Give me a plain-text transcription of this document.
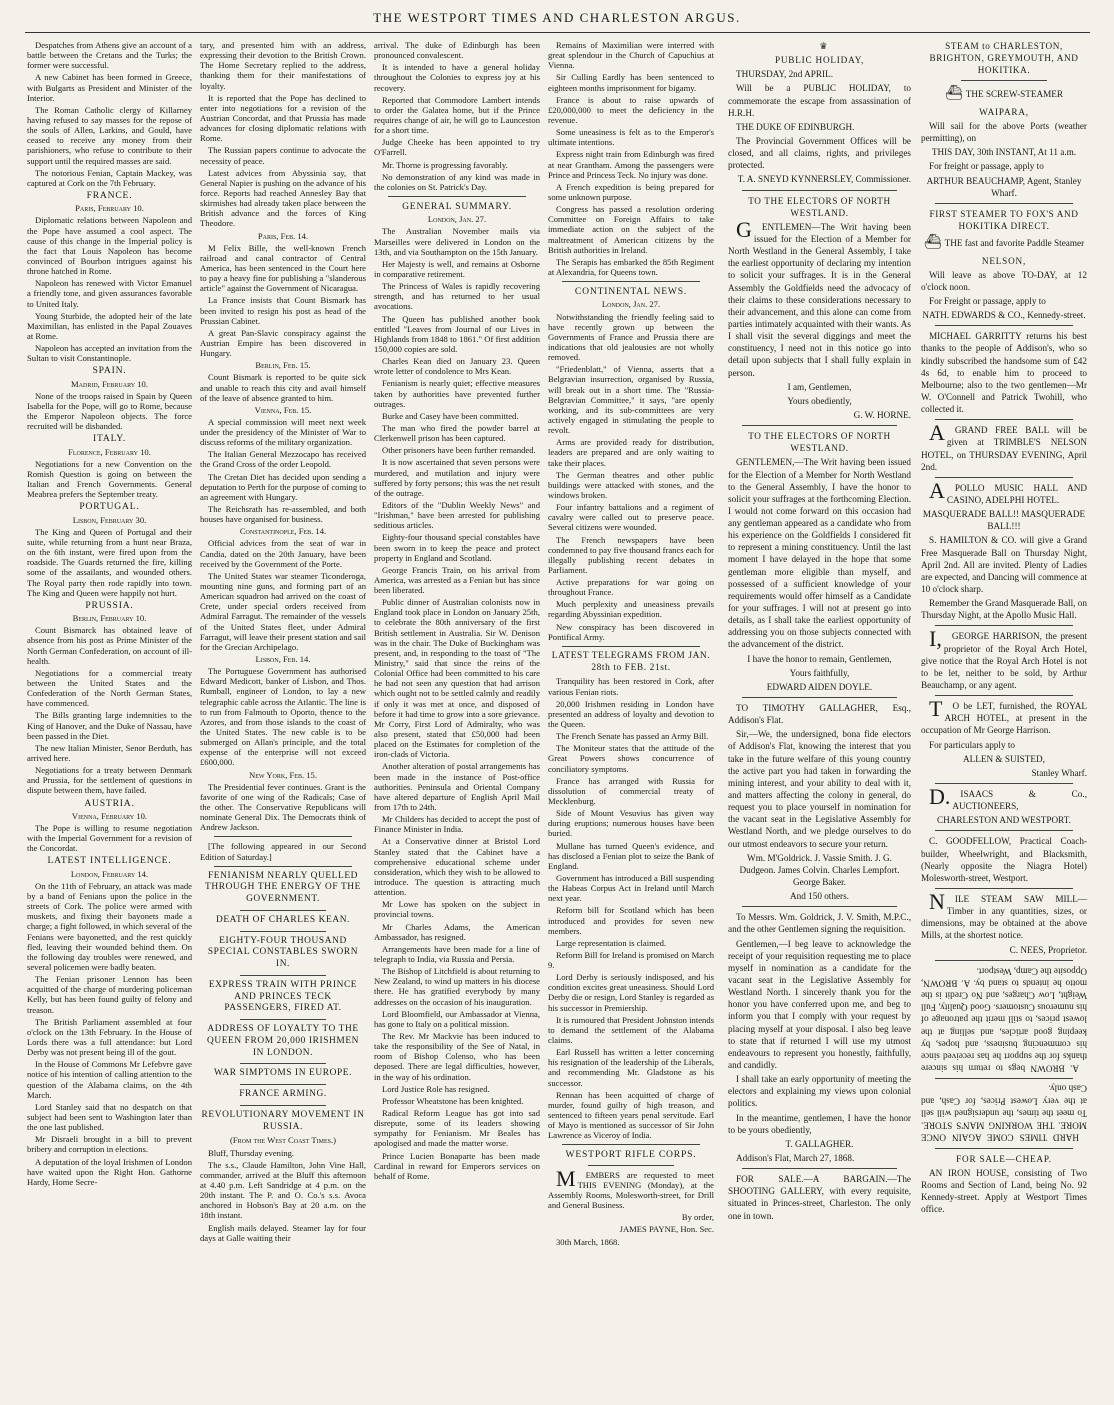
THE WESTPORT TIMES AND CHARLESTON ARGUS.

Despatches from Athens give an account of a battle between the Cretans and the Turks; the former were successful.

A new Cabinet has been formed in Greece, with Bulgarts as President and Minister of the Interior.

The Roman Catholic clergy of Killarney having refused to say masses for the repose of the souls of Allen, Larkins, and Gould, have ceased to receive any money from their parishioners, who refuse to contribute to their support until the required masses are said.

The notorious Fenian, Captain Mackey, was captured at Cork on the 7th February.

FRANCE.

Paris, February 10.

Diplomatic relations between Napoleon and the Pope have assumed a cool aspect. The cause of this change in the Imperial policy is the fact that Louis Napoleon has become convinced of Bourbon intrigues against his throne hatched in Rome.

Napoleon has renewed with Victor Emanuel a friendly tone, and given assurances favorable to United Italy.

Young Sturbide, the adopted heir of the late Maximilian, has enlisted in the Papal Zouaves at Rome.

Napoleon has accepted an invitation from the Sultan to visit Constantinople.

SPAIN.

Madrid, February 10.

None of the troops raised in Spain by Queen Isabella for the Pope, will go to Rome, because the Emperor Napoleon objects. The force recruited will be disbanded.

ITALY.

Florence, February 10.

Negotiations for a new Convention on the Romish Question is going on between the Italian and French Governments. General Meabrea prefers the September treaty.

PORTUGAL.

Lisbon, February 30.

The King and Queen of Portugal and their suite, while returning from a hunt near Braza, on the 6th instant, were fired upon from the roadside. The Guards returned the fire, killing some of the assailants, and wounded others. The Royal party then rode rapidly into town. The King and Queen were happily not hurt.

PRUSSIA.

Berlin, February 10.

Count Bismarck has obtained leave of absence from his post as Prime Minister of the North German Confederation, on account of ill-health.

Negotiations for a commercial treaty between the United States and the Confederation of the North German States, have commenced.

The Bills granting large indemnities to the King of Hanover, and the Duke of Nassau, have been passed in the Diet.

The new Italian Minister, Senor Berduth, has arrived here.

Negotiations for a treaty between Denmark and Prussia, for the settlement of questions in dispute between them, have failed.

AUSTRIA.

Vienna, February 10.

The Pope is willing to resume negotiation with the Imperial Government for a revision of the Concordat.

LATEST INTELLIGENCE.

London, February 14.

On the 11th of February, an attack was made by a band of Fenians upon the police in the streets of Cork. The police were armed with muskets, and fixing their bayonets made a charge; a fight followed, in which several of the Fenians were bayonetted, and the rest quickly fled, leaving their wounded behind them. On the following day troubles were renewed, and several policemen were badly beaten.

The Fenian prisoner Lennon has been acquitted of the charge of murdering policeman Kelly, but has been found guilty of felony and treason.

The British Parliament assembled at four o'clock on the 13th February. In the House of Lords there was a full attendance: but Lord Derby was not present being ill of the gout.

In the House of Commons Mr Lefebvre gave notice of his intention of calling attention to the question of the Alabama claims, on the 4th March.

Lord Stanley said that no despatch on that subject had been sent to Washington later than the one last published.

Mr Disraeli brought in a bill to prevent bribery and corruption in elections.

A deputation of the loyal Irishmen of London have waited upon the Right Hon. Gathorne Hardy, Home Secre-

tary, and presented him with an address, expressing their devotion to the British Crown. The Home Secretary replied to the address, thanking them for their manifestations of loyalty.

It is reported that the Pope has declined to enter into negotiations for a revision of the Austrian Concordat, and that Prussia has made advances for closing diplomatic relations with Rome.

The Russian papers continue to advocate the necessity of peace.

Latest advices from Abyssinia say, that General Napier is pushing on the advance of his force. Reports had reached Annesley Bay that skirmishes had already taken place between the British advance and the forces of King Theodore.

Paris, Feb. 14.

M Felix Bille, the well-known French railroad and canal contractor of Central America, has been sentenced in the Court here to pay a heavy fine for publishing a "slanderous article" against the Government of Nicaragua.

La France insists that Count Bismark has been invited to resign his post as head of the Prussian Cabinet.

A great Pan-Slavic conspiracy against the Austrian Empire has been discovered in Hungary.

Berlin, Feb. 15.

Count Bismark is reported to be quite sick and unable to reach this city and avail himself of the leave of absence granted to him.

Vienna, Feb. 15.

A special commission will meet next week under the presidency of the Minister of War to discuss reforms of the military organization.

The Italian General Mezzocapo has received the Grand Cross of the order Leopold.

The Cretan Diet has decided upon sending a deputation to Perth for the purpose of coming to an agreement with Hungary.

The Reichsrath has re-assembled, and both houses have organised for business.

Constantinople, Feb. 14.

Official advices from the seat of war in Candia, dated on the 20th January, have been received by the Government of the Porte.

The United States war steamer Ticonderoga, mounting nine guns, and forming part of an American squadron had arrived on the coast of Crete, under special orders received from Admiral Farragut. The remainder of the vessels of the United States fleet, under Admiral Farragut, will leave their present station and sail for the Grecian Archipelago.

Lisbon, Feb. 14.

The Portuguese Government has authorised Edward Medicott, banker of Lisbon, and Thos. Rumball, engineer of London, to lay a new telegraphic cable across the Atlantic. The line is to run from Falmouth to Oporto, thence to the Azores, and from those islands to the coast of the United States. The new cable is to be submerged on Allan's principle, and the total expense of the enterprise will not exceed £600,000.

New York, Feb. 15.

The Presidential fever continues. Grant is the favorite of one wing of the Radicals; Case of the other. The Conservative Republicans will nominate General Dix. The Democrats think of Andrew Jackson.

[The following appeared in our Second Edition of Saturday.]

FENIANISM NEARLY QUELLED THROUGH THE ENERGY OF THE GOVERNMENT.

DEATH OF CHARLES KEAN.

EIGHTY-FOUR THOUSAND SPECIAL CONSTABLES SWORN IN.

EXPRESS TRAIN WITH PRINCE AND PRINCES TECK PASSENGERS, FIRED AT.

ADDRESS OF LOYALTY TO THE QUEEN FROM 20,000 IRISHMEN IN LONDON.

WAR SIMPTOMS IN EUROPE.

FRANCE ARMING.

REVOLUTIONARY MOVEMENT IN RUSSIA.

(From the West Coast Times.)

Bluff, Thursday evening.

The s.s., Claude Hamilton, John Vine Hall, commander, arrived at the Bluff this afternoon at 4.40 p.m. Left Sandridge at 4 p.m. on the 20th instant. The P. and O. Co.'s s.s. Avoca anchored in Hobson's Bay at 20 a.m. on the 18th instant.

English mails delayed. Steamer lay for four days at Galle waiting their

arrival. The duke of Edinburgh has been pronounced convalescent.

It is intended to have a general holiday throughout the Colonies to express joy at his recovery.

Reported that Commodore Lambert intends to order the Galatea home, but if the Prince requires change of air, he will go to Launceston for a short time.

Judge Cheeke has been appointed to try O'Farrell.

Mr. Thorne is progressing favorably.

No demonstration of any kind was made in the colonies on St. Patrick's Day.

GENERAL SUMMARY.

London, Jan. 27.

The Australian November mails via Marseilles were delivered in London on the 13th, and via Southampton on the 15th January.

Her Majesty is well, and remains at Osborne in comparative retirement.

The Princess of Wales is rapidly recovering strength, and has returned to her usual avocations.

The Queen has published another book entitled "Leaves from Journal of our Lives in Highlands from 1848 to 1861." Of first addition 150,000 copies are sold.

Charles Kean died on January 23. Queen wrote letter of condolence to Mrs Kean.

Fenianism is nearly quiet; effective measures taken by authorities have prevented further outrages.

Burke and Casey have been committed.

The man who fired the powder barrel at Clerkenwell prison has been captured.

Other prisoners have been further remanded.

It is now ascertained that seven persons were murdered, and mutilation and injury were suffered by forty persons; this was the net result of the outrage.

Editors of the "Dublin Weekly News" and "Irishman," have been arrested for publishing seditious articles.

Eighty-four thousand special constables have been sworn in to keep the peace and protect property in England and Scotland.

George Francis Train, on his arrival from America, was arrested as a Fenian but has since been liberated.

Public dinner of Australian colonists now in England took place in London on January 25th, to celebrate the 80th anniversary of the first British settlement in Australia. Sir W. Denison was in the chair. The Duke of Buckingham was present, and, in responding to the toast of "The Ministry," said that since the reins of the Colonial Office had been committed to his care he had not seen any question that had arrison which ought not to be settled calmly and readily if only it was met at once, and disposed of before it had time to grow into a sore grievance. Mr Corry, First Lord of Admiralty, who was also present, stated that £50,000 had been placed on the Estimates for completion of the iron-clads of Victoria.

Another alteration of postal arrangements has been made in the instance of Post-office authorities. Peninsula and Oriental Company have altered departure of English April Mail from 17th to 24th.

Mr Childers has decided to accept the post of Finance Minister in India.

At a Conservative dinner at Bristol Lord Stanley stated that the Cabinet have a comprehensive educational scheme under consideration, which they wish to be allowed to introduce. The question is attracting much attention.

Mr Lowe has spoken on the subject in provincial towns.

Mr Charles Adams, the American Ambassador, has resigned.

Arrangements have been made for a line of telegraph to India, via Russia and Persia.

The Bishop of Litchfield is about returning to New Zealand, to wind up matters in his diocese there. He has gratified everybody by many addresses on the occasion of his inauguration.

Lord Bloomfield, our Ambassador at Vienna, has gone to Italy on a political mission.

The Rev. Mr Mackvie has been induced to take the responsibility of the See of Natal, in room of Bishop Colenso, who has been deposed. There are legal difficulties, however, in the way of his ordination.

Lord Justice Role has resigned.

Professor Wheatstone has been knighted.

Radical Reform League has got into sad disrepute, some of its leaders showing sympathy for Fenianism. Mr Beales has apologised and made the matter worse.

Prince Lucien Bonaparte has been made Cardinal in reward for Emperors services on behalf of Rome.

Remains of Maximilian were interred with great splendour in the Church of Capuchius at Vienna.

Sir Culling Eardly has been sentenced to eighteen months imprisonment for bigamy.

France is about to raise upwards of £20,000,000 to meet the deficiency in the revenue.

Some uneasiness is felt as to the Emperor's ultimate intentions.

Express night train from Edinburgh was fired at near Grantham. Among the passengers were Prince and Princess Teck. No injury was done.

A French expedition is being prepared for some unknown purpose.

Congress has passed a resolution ordering Committee on Foreign Affairs to take immediate action on the subject of the maltreatment of American citizens by the British authorities in Ireland.

The Serapis has embarked the 85th Regiment at Alexandria, for Queens town.

CONTINENTAL NEWS.

London, Jan. 27.

Notwithstanding the friendly feeling said to have recently grown up between the Governments of France and Prussia there are indications that old jealousies are not wholly removed.

"Friedenblatt," of Vienna, asserts that a Belgravian insurrection, organised by Russia, will break out in a short time. The "Russia-Belgravian Committee," it says, "are openly working, and its sub-committees are very actively engaged in stimulating the people to revolt.

Arms are provided ready for distribution, leaders are prepared and are only waiting to take their places.

The German theatres and other public buildings were attacked with stones, and the windows broken.

Four infantry battalions and a regiment of cavalry were called out to preserve peace. Several citizens were wounded.

The French newspapers have been condemned to pay five thousand francs each for illegally publishing recent debates in Parliament.

Active preparations for war going on throughout France.

Much perplexity and uneasiness prevails regarding Abyssinian expedition.

New conspiracy has been discovered in Pontifical Army.

LATEST TELEGRAMS FROM JAN. 28th to FEB. 21st.

Tranquility has been restored in Cork, after various Fenian riots.

20,000 Irishmen residing in London have presented an address of loyalty and devotion to the Queen.

The French Senate has passed an Army Bill.

The Moniteur states that the attitude of the Great Powers shows concurrence of conciliatory symptoms.

France has arranged with Russia for dissolution of commercial treaty of Mecklenburg.

Side of Mount Vesuvius has given way during eruptions; numerous houses have been buried.

Mullane has turned Queen's evidence, and has disclosed a Fenian plot to seize the Bank of England.

Government has introduced a Bill suspending the Habeas Corpus Act in Ireland until March next year.

Reform bill for Scotland which has been introduced and provides for seven new members.

Large representation is claimed.

Reform Bill for Ireland is promised on March 9.

Lord Derby is seriously indisposed, and his condition excites great uneasiness. Should Lord Derby die or resign, Lord Stanley is regarded as his successor in Premiership.

It is rumoured that President Johnston intends to demand the settlement of the Alabama claims.

Earl Russell has written a letter concerning his resignation of the leadership of the Liberals, and recommending Mr. Gladstone as his successor.

Rennan has been acquitted of charge of murder, found guilty of high treason, and sentenced to fifteen years penal servitude. Earl of Mayo is mentioned as successor of Sir John Lawrence as Viceroy of India.

WESTPORT RIFLE CORPS.

MEMBERS are requested to meet THIS EVENING (Monday), at the Assembly Rooms, Molesworth-street, for Drill and General Business.

By order,

JAMES PAYNE, Hon. Sec.

30th March, 1868.

♛

PUBLIC HOLIDAY,

THURSDAY, 2nd APRIL.

Will be a PUBLIC HOLIDAY, to commemorate the escape from assassination of H.R.H.

THE DUKE OF EDINBURGH.

The Provincial Government Offices will be closed, and all claims, rights, and privileges protected.

T. A. SNEYD KYNNERSLEY, Commissioner.

TO THE ELECTORS OF NORTH WESTLAND.

GENTLEMEN—The Writ having been issued for the Election of a Member for North Westland in the General Assembly, I take the earliest opportunity of declaring my intention to solicit your suffrages. It is in the General Assembly the Goldfields need the advocacy of their claims to these considerations necessary to their advancement, and this alone can come from parties intimately acquainted with their wants. As I shall visit the several diggings and meet the constituency, I need not in this notice go into detail upon subjects that I shall fully explain in person.

I am, Gentlemen,

Yours obediently,

G. W. HORNE.

TO THE ELECTORS OF NORTH WESTLAND.

GENTLEMEN,—The Writ having been issued for the Election of a Member for North Westland to the General Assembly, I have the honor to solicit your suffrages at the forthcoming Election. I would not come forward on this occasion had any gentleman appeared as a candidate who from his experience on the Goldfields I considered fit to represent a mining constituency. Until the last moment I have delayed in the hope that some gentleman more eligible than myself, and possessed of a sufficient knowledge of your requirements would offer himself as a Candidate for your suffrages. I will not at present go into details, as I shall take the earliest opportunity of addressing you on those subjects connected with the advancement of the district.

I have the honor to remain, Gentlemen,

Yours faithfully,

EDWARD AIDEN DOYLE.

TO TIMOTHY GALLAGHER, Esq., Addison's Flat.

Sir,—We, the undersigned, bona fide electors of Addison's Flat, knowing the interest that you take in the future welfare of this young country the active part you had taken in forwarding the mining interest, and your ability to deal with it, and matters affecting the colony in general, do request you to place yourself in nomination for the vacant seat in the Legislative Assembly for Westland North, and we pledge ourselves to do our utmost endeavors to secure your return.

Wm. M'Goldrick. J. Vassie Smith. J. G. Dudgeon. James Colvin. Charles Lempfort. George Baker.

And 150 others.

To Messrs. Wm. Goldrick, J. V. Smith, M.P.C., and the other Gentlemen signing the requisition.

Gentlemen,—I beg leave to acknowledge the receipt of your requisition requesting me to place myself in nomination as a candidate for the vacant seat in the Legislative Assembly for Westland North. I sincerely thank you for the honor you have conferred upon me, and beg to inform you that I comply with your request by placing myself at your disposal. I also beg leave to state that if returned I will use my utmost endeavours to represent you honestly, faithfully, and candidly.

I shall take an early opportunity of meeting the electors and explaining my views upon colonial politics.

In the meantime, gentlemen, I have the honor to be yours obediently,

T. GALLAGHER.

Addison's Flat, March 27, 1868.

FOR SALE.—A BARGAIN.—The SHOOTING GALLERY, with every requisite, situated in Princes-street, Charleston. The only one in town.

STEAM to CHARLESTON, BRIGHTON, GREYMOUTH, AND HOKITIKA.

⛴ THE SCREW-STEAMER

WAIPARA,

Will sail for the above Ports (weather permitting), on

THIS DAY, 30th INSTANT, At 11 a.m.

For freight or passage, apply to

ARTHUR BEAUCHAMP, Agent, Stanley Wharf.

FIRST STEAMER TO FOX'S AND HOKITIKA DIRECT.

⛴ THE fast and favorite Paddle Steamer

NELSON,

Will leave as above TO-DAY, at 12 o'clock noon.

For Freight or passage, apply to

NATH. EDWARDS & CO., Kennedy-street.

MICHAEL GARRITTY returns his best thanks to the people of Addison's, who so kindly subscribed the handsome sum of £42 4s 6d, to enable him to proceed to Melbourne; also to the two gentlemen—Mr W. O'Connell and Patrick Twohill, who collected it.

AGRAND FREE BALL will be given at TRIMBLE'S NELSON HOTEL, on THURSDAY EVENING, April 2nd.

APOLLO MUSIC HALL AND CASINO, ADELPHI HOTEL.

MASQUERADE BALL!! MASQUERADE BALL!!!

S. HAMILTON & CO. will give a Grand Free Masquerade Ball on Thursday Night, April 2nd. All are invited. Plenty of Ladies are expected, and Dancing will commence at 10 o'clock sharp.

Remember the Grand Masquerade Ball, on Thursday Night, at the Apollo Music Hall.

I,GEORGE HARRISON, the present proprietor of the Royal Arch Hotel, give notice that the Royal Arch Hotel is not to be let, neither to be sold, by Arthur Beauchamp, or any agent.

TO be LET, furnished, the ROYAL ARCH HOTEL, at present in the occupation of Mr George Harrison.

For particulars apply to

ALLEN & SUISTED,

Stanley Wharf.

D.ISAACS & Co., AUCTIONEERS,

CHARLESTON AND WESTPORT.

C. GOODFELLOW, Practical Coach-builder, Wheelwright, and Blacksmith, (Nearly opposite the Niagra Hotel) Molesworth-street, Westport.

NILE STEAM SAW MILL— Timber in any quantities, sizes, or dimensions, may be obtained at the above Mills, at the shortest notice.

C. NEES, Proprietor.

A. BROWN begs to return his sincere thanks for the support he has received since his commencing business, and hopes, by keeping good articles, and selling at the lowest prices, to still merit the patronage of his numerous Customers. Good Quality, Full Weight, Low Charges, and No Credit is the motto he intends to stand by. A. BROWN, Opposite the Camp, Westport.

HARD TIMES COME AGAIN ONCE MORE. THE WORKING MAN'S STORE. To meet the times, the undersigned will sell at the very Lowest Prices, for Cash, and Cash only.

FOR SALE—CHEAP.

AN IRON HOUSE, consisting of Two Rooms and Section of Land, being No. 92 Kennedy-street. Apply at Westport Times office.
